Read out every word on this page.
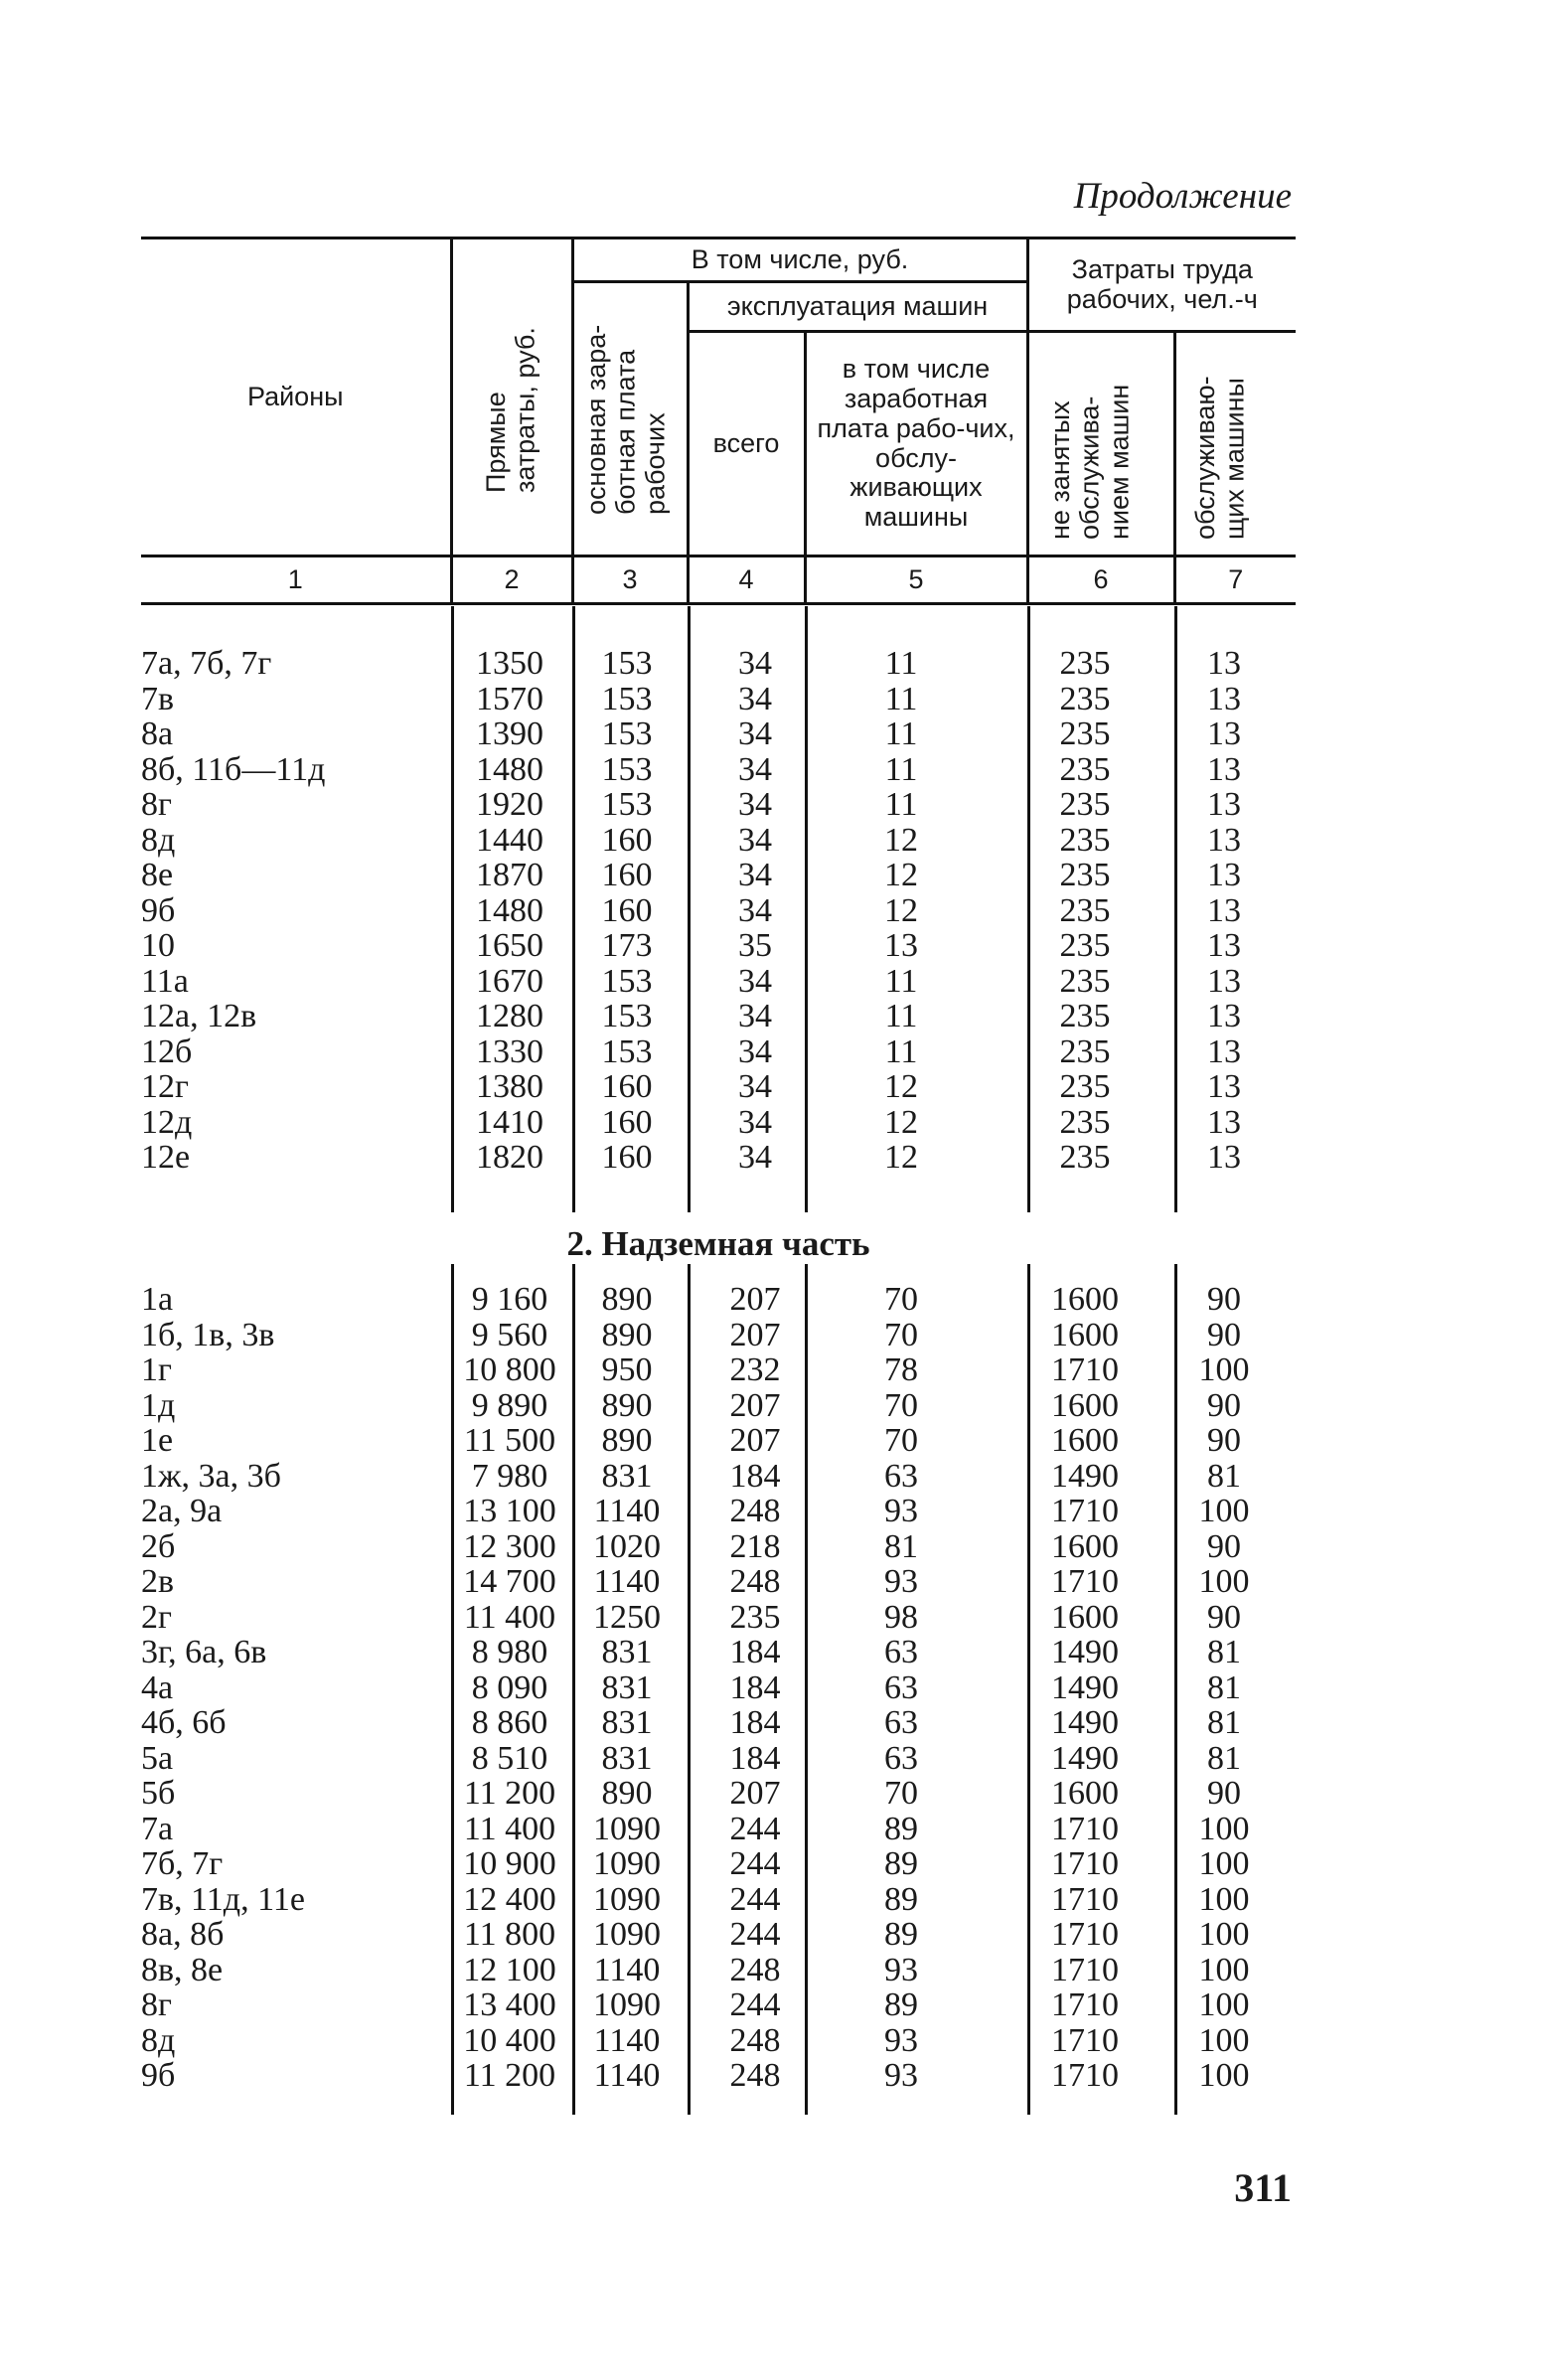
Продолжение
Районы	Прямые затраты, руб.	В том числе, руб.			Затраты труда рабочих, чел.-ч	
		основная зара-ботная плата рабочих	эксплуатация машин			
			всего	в том числе заработная плата рабо-чих, обслу-живающих машины	не занятых обслужива-нием машин	обслуживаю-щих машины
1	2	3	4	5	6	7
7а, 7б, 7г	1350	153	34	11	235	13
7в	1570	153	34	11	235	13
8а	1390	153	34	11	235	13
8б, 11б—11д	1480	153	34	11	235	13
8г	1920	153	34	11	235	13
8д	1440	160	34	12	235	13
8е	1870	160	34	12	235	13
9б	1480	160	34	12	235	13
10	1650	173	35	13	235	13
11а	1670	153	34	11	235	13
12а, 12в	1280	153	34	11	235	13
12б	1330	153	34	11	235	13
12г	1380	160	34	12	235	13
12д	1410	160	34	12	235	13
12е	1820	160	34	12	235	13
2. Надземная часть
1а	9 160	890	207	70	1600	90
1б, 1в, 3в	9 560	890	207	70	1600	90
1г	10 800	950	232	78	1710	100
1д	9 890	890	207	70	1600	90
1е	11 500	890	207	70	1600	90
1ж, 3а, 3б	7 980	831	184	63	1490	81
2а, 9а	13 100	1140	248	93	1710	100
2б	12 300	1020	218	81	1600	90
2в	14 700	1140	248	93	1710	100
2г	11 400	1250	235	98	1600	90
3г, 6а, 6в	8 980	831	184	63	1490	81
4а	8 090	831	184	63	1490	81
4б, 6б	8 860	831	184	63	1490	81
5а	8 510	831	184	63	1490	81
5б	11 200	890	207	70	1600	90
7а	11 400	1090	244	89	1710	100
7б, 7г	10 900	1090	244	89	1710	100
7в, 11д, 11е	12 400	1090	244	89	1710	100
8а, 8б	11 800	1090	244	89	1710	100
8в, 8е	12 100	1140	248	93	1710	100
8г	13 400	1090	244	89	1710	100
8д	10 400	1140	248	93	1710	100
9б	11 200	1140	248	93	1710	100
311
